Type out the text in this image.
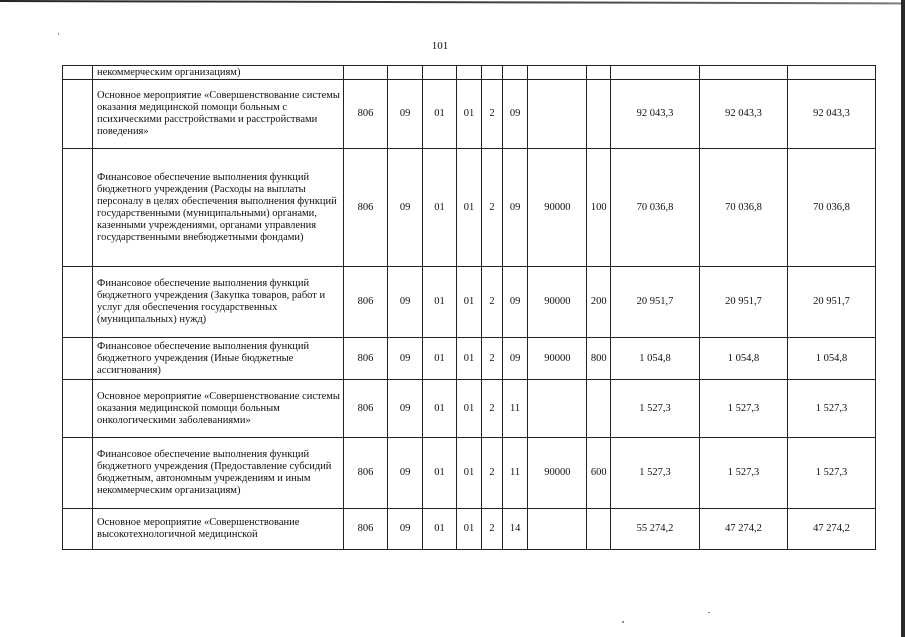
101
	некоммерческим организациям)											
	Основное мероприятие «Совершенствование системы оказания медицинской помощи больным с психическими расстройствами и расстройствами поведения»	806	09	01	01	2	09			92 043,3	92 043,3	92 043,3
	Финансовое обеспечение выполнения функций бюджетного учреждения (Расходы на выплаты персоналу в целях обеспечения выполнения функций государственными (муниципальными) органами, казенными учреждениями, органами управления государственными внебюджетными фондами)	806	09	01	01	2	09	90000	100	70 036,8	70 036,8	70 036,8
	Финансовое обеспечение выполнения функций бюджетного учреждения (Закупка товаров, работ и услуг для обеспечения государственных (муниципальных) нужд)	806	09	01	01	2	09	90000	200	20 951,7	20 951,7	20 951,7
	Финансовое обеспечение выполнения функций бюджетного учреждения (Иные бюджетные ассигнования)	806	09	01	01	2	09	90000	800	1 054,8	1 054,8	1 054,8
	Основное мероприятие «Совершенствование системы оказания медицинской помощи больным онкологическими заболеваниями»	806	09	01	01	2	11			1 527,3	1 527,3	1 527,3
	Финансовое обеспечение выполнения функций бюджетного учреждения (Предоставление субсидий бюджетным, автономным учреждениям и иным некоммерческим организациям)	806	09	01	01	2	11	90000	600	1 527,3	1 527,3	1 527,3
	Основное мероприятие «Совершенствование высокотехнологичной медицинской	806	09	01	01	2	14			55 274,2	47 274,2	47 274,2
